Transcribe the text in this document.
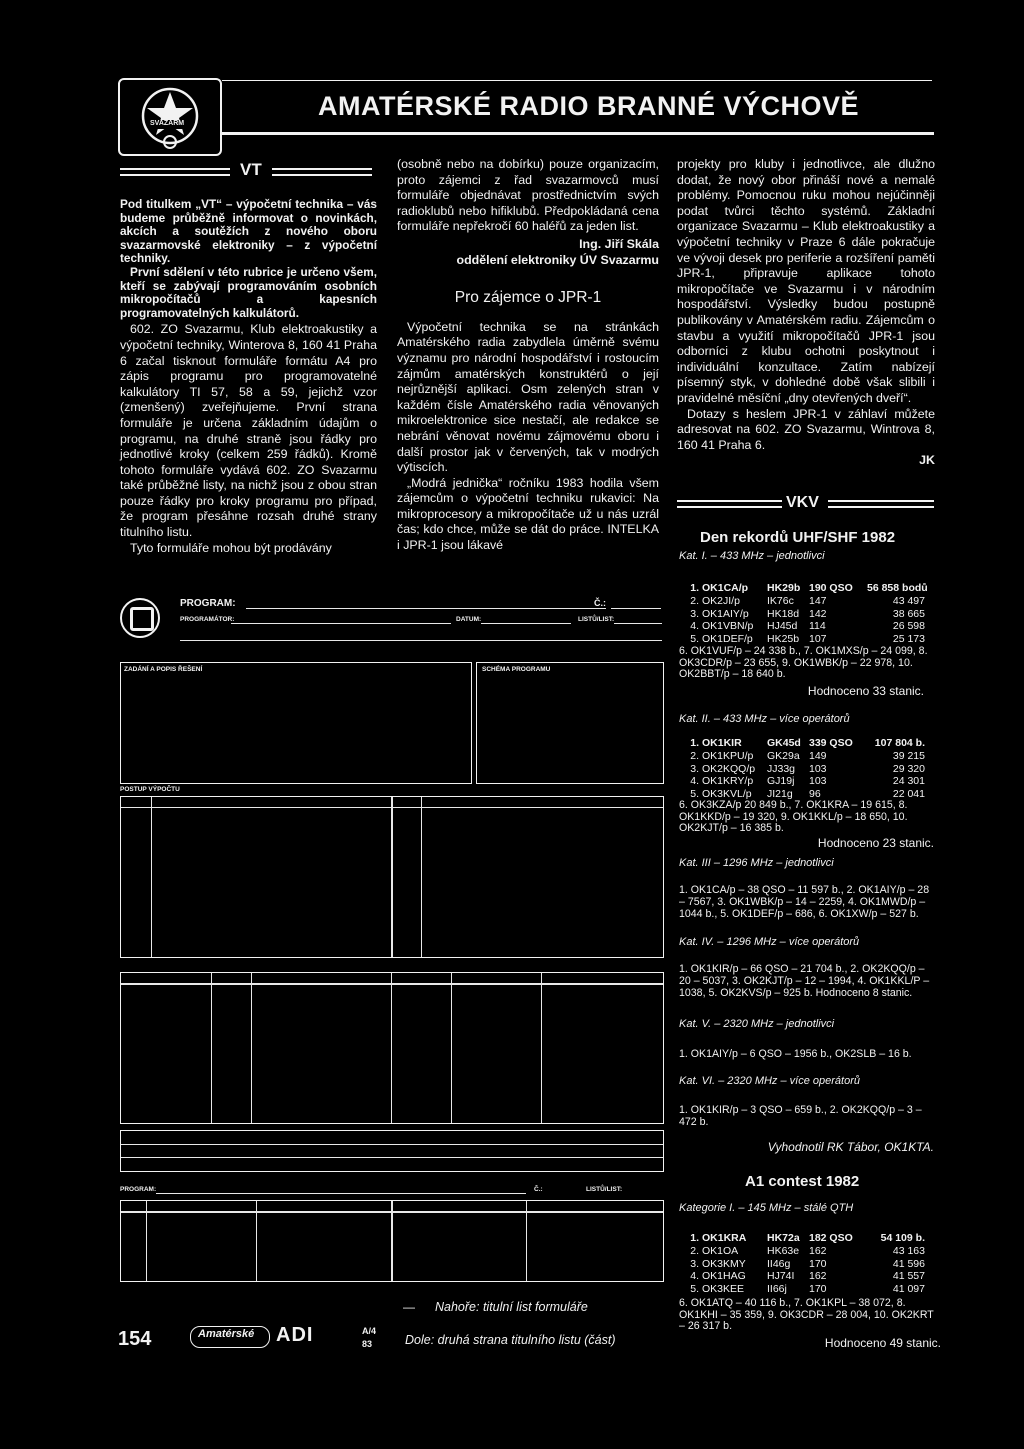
SVAZARM
AMATÉRSKÉ RADIO BRANNÉ VÝCHOVĚ
VT

Pod titulkem „VT“ – výpočetní technika – vás budeme průběžně informovat o novinkách, akcích a soutěžích z nového oboru svazarmovské elektroniky – z výpočetní techniky.

První sdělení v této rubrice je určeno všem, kteří se zabývají programováním osobních mikropočítačů a kapesních programovatelných kalkulátorů.

602. ZO Svazarmu, Klub elektroakustiky a výpočetní techniky, Winterova 8, 160 41 Praha 6 začal tisknout formuláře formátu A4 pro zápis programu pro programovatelné kalkulátory TI 57, 58 a 59, jejichž vzor (zmenšený) zveřejňujeme. První strana formuláře je určena základním údajům o programu, na druhé straně jsou řádky pro jednotlivé kroky (celkem 259 řádků). Kromě tohoto formuláře vydává 602. ZO Svazarmu také průběžné listy, na nichž jsou z obou stran pouze řádky pro kroky programu pro případ, že program přesáhne rozsah druhé strany titulního listu.

Tyto formuláře mohou být prodávány

(osobně nebo na dobírku) pouze organizacím, proto zájemci z řad svazarmovců musí formuláře objednávat prostřednictvím svých radioklubů nebo hifiklubů. Předpokládaná cena formuláře nepřekročí 60 haléřů za jeden list.

Ing. Jiří Skála

oddělení elektroniky ÚV Svazarmu

Pro zájemce o JPR-1

Výpočetní technika se na stránkách Amatérského radia zabydlela úměrně svému významu pro národní hospodářství i rostoucím zájmům amatérských konstruktérů o její nejrůznější aplikaci. Osm zelených stran v každém čísle Amatérského radia věnovaných mikroelektronice sice nestačí, ale redakce se nebrání věnovat novému zájmovému oboru i další prostor jak v červených, tak v modrých výtiscích.

„Modrá jednička“ ročníku 1983 hodila všem zájemcům o výpočetní techniku rukavici: Na mikroprocesory a mikropočítače už u nás uzrál čas; kdo chce, může se dát do práce. INTELKA i JPR-1 jsou lákavé

projekty pro kluby i jednotlivce, ale dlužno dodat, že nový obor přináší nové a nemalé problémy. Pomocnou ruku mohou nejúčinněji podat tvůrci těchto systémů. Základní organizace Svazarmu – Klub elektroakustiky a výpočetní techniky v Praze 6 dále pokračuje ve vývoji desek pro periferie a rozšíření paměti JPR-1, připravuje aplikace tohoto mikropočítače ve Svazarmu i v národním hospodářství. Výsledky budou postupně publikovány v Amatérském radiu. Zájemcům o stavbu a využití mikropočítačů JPR-1 jsou odborníci z klubu ochotni poskytnout i individuální konzultace. Zatím nabízejí písemný styk, v dohledné době však slibili i pravidelné měsíční „dny otevřených dveří“.

Dotazy s heslem JPR-1 v záhlaví můžete adresovat na 602. ZO Svazarmu, Wintrova 8, 160 41 Praha 6.

JK

VKV
Den rekordů UHF/SHF 1982
Kat. I. – 433 MHz – jednotlivci
1. OK1CA/p	HK29b 190 QSO	56 858 bodů
2. OK2JI/p	IK76c	147	43 497
3. OK1AIY/p	HK18d 142	38 665
4. OK1VBN/p	HJ45d	114	26 598
5. OK1DEF/p	HK25b 107	25 173
6. OK1VUF/p – 24 338 b., 7. OK1MXS/p – 24 099, 8. OK3CDR/p – 23 655, 9. OK1WBK/p – 22 978, 10. OK2BBT/p – 18 640 b.
Hodnoceno 33 stanic.
Kat. II. – 433 MHz – více operátorů
1. OK1KIR	GK45d 339 QSO	107 804 b.
2. OK1KPU/p	GK29a 149	39 215
3. OK2KQQ/p	JJ33g	103	29 320
4. OK1KRY/p	GJ19j	103	24 301
5. OK3KVL/p	JI21g	96	22 041
6. OK3KZA/p 20 849 b., 7. OK1KRA – 19 615, 8. OK1KKD/p – 19 320, 9. OK1KKL/p – 18 650, 10. OK2KJT/p – 16 385 b.
Hodnoceno 23 stanic.
Kat. III – 1296 MHz – jednotlivci
1. OK1CA/p – 38 QSO – 11 597 b., 2. OK1AIY/p – 28 – 7567, 3. OK1WBK/p – 14 – 2259, 4. OK1MWD/p – 1044 b., 5. OK1DEF/p – 686, 6. OK1XW/p – 527 b.
Kat. IV. – 1296 MHz – více operátorů
1. OK1KIR/p – 66 QSO – 21 704 b., 2. OK2KQQ/p – 20 – 5037, 3. OK2KJT/p – 12 – 1994, 4. OK1KKL/P – 1038, 5. OK2KVS/p – 925 b. Hodnoceno 8 stanic.
Kat. V. – 2320 MHz – jednotlivci
1. OK1AIY/p – 6 QSO – 1956 b., OK2SLB – 16 b.
Kat. VI. – 2320 MHz – více operátorů
1. OK1KIR/p – 3 QSO – 659 b., 2. OK2KQQ/p – 3 – 472 b.
Vyhodnotil RK Tábor, OK1KTA.
A1 contest 1982
Kategorie I. – 145 MHz – stálé QTH
1. OK1KRA	HK72a 182 QSO	54 109 b.
2. OK1OA	HK63e 162	43 163
3. OK3KMY	II46g	170	41 596
4. OK1HAG	HJ74I	162	41 557
5. OK3KEE	II66j	170	41 097
6. OK1ATQ – 40 116 b., 7. OK1KPL – 38 072, 8. OK1KHI – 35 359, 9. OK3CDR – 28 004, 10. OK2KRT – 26 317 b.
Hodnoceno 49 stanic.
— Nahoře: titulní list formuláře
Dole: druhá strana titulního listu (část)
PROGRAM:	Č.:
PROGRAMÁTOR:	DATUM:	LISTŮ/LIST:
ZADÁNÍ A POPIS ŘEŠENÍ	SCHÉMA PROGRAMU
POSTUP VÝPOČTU
PROGRAM:	Č.:	LISTŮ/LIST:
154	Amatérské ADI	A/4
83
